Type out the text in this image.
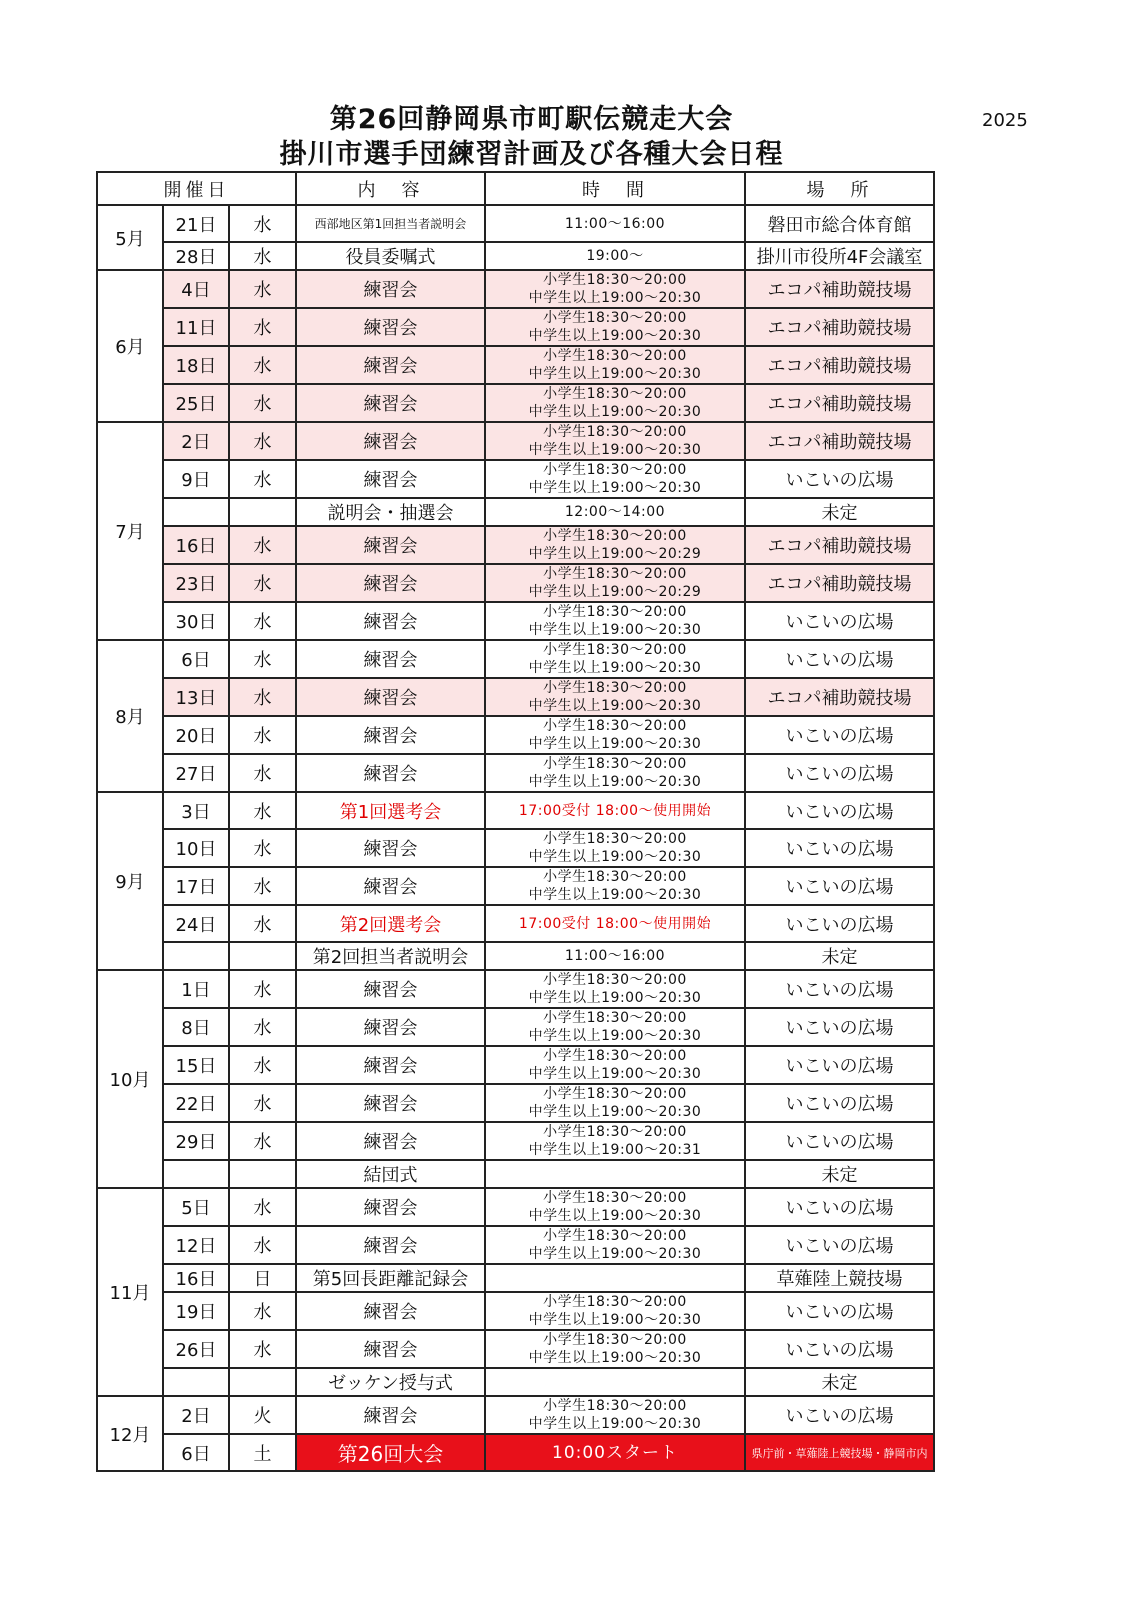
第26回静岡県市町駅伝競走大会
掛川市選手団練習計画及び各種大会日程
2025
開催日			内　容	時　間	場　所
5月	21日	水	西部地区第1回担当者説明会	11:00～16:00	磐田市総合体育館
	28日	水	役員委嘱式	19:00～	掛川市役所4F会議室
6月	4日	水	練習会	小学生18:30～20:00
中学生以上19:00～20:30	エコパ補助競技場
	11日	水	練習会	小学生18:30～20:00
中学生以上19:00～20:30	エコパ補助競技場
	18日	水	練習会	小学生18:30～20:00
中学生以上19:00～20:30	エコパ補助競技場
	25日	水	練習会	小学生18:30～20:00
中学生以上19:00～20:30	エコパ補助競技場
7月	2日	水	練習会	小学生18:30～20:00
中学生以上19:00～20:30	エコパ補助競技場
	9日	水	練習会	小学生18:30～20:00
中学生以上19:00～20:30	いこいの広場
			説明会・抽選会	12:00～14:00	未定
	16日	水	練習会	小学生18:30～20:00
中学生以上19:00～20:29	エコパ補助競技場
	23日	水	練習会	小学生18:30～20:00
中学生以上19:00～20:29	エコパ補助競技場
	30日	水	練習会	小学生18:30～20:00
中学生以上19:00～20:30	いこいの広場
8月	6日	水	練習会	小学生18:30～20:00
中学生以上19:00～20:30	いこいの広場
	13日	水	練習会	小学生18:30～20:00
中学生以上19:00～20:30	エコパ補助競技場
	20日	水	練習会	小学生18:30～20:00
中学生以上19:00～20:30	いこいの広場
	27日	水	練習会	小学生18:30～20:00
中学生以上19:00～20:30	いこいの広場
9月	3日	水	第1回選考会	17:00受付 18:00～使用開始	いこいの広場
	10日	水	練習会	小学生18:30～20:00
中学生以上19:00～20:30	いこいの広場
	17日	水	練習会	小学生18:30～20:00
中学生以上19:00～20:30	いこいの広場
	24日	水	第2回選考会	17:00受付 18:00～使用開始	いこいの広場
			第2回担当者説明会	11:00～16:00	未定
10月	1日	水	練習会	小学生18:30～20:00
中学生以上19:00～20:30	いこいの広場
	8日	水	練習会	小学生18:30～20:00
中学生以上19:00～20:30	いこいの広場
	15日	水	練習会	小学生18:30～20:00
中学生以上19:00～20:30	いこいの広場
	22日	水	練習会	小学生18:30～20:00
中学生以上19:00～20:30	いこいの広場
	29日	水	練習会	小学生18:30～20:00
中学生以上19:00～20:31	いこいの広場
			結団式		未定
11月	5日	水	練習会	小学生18:30～20:00
中学生以上19:00～20:30	いこいの広場
	12日	水	練習会	小学生18:30～20:00
中学生以上19:00～20:30	いこいの広場
	16日	日	第5回長距離記録会		草薙陸上競技場
	19日	水	練習会	小学生18:30～20:00
中学生以上19:00～20:30	いこいの広場
	26日	水	練習会	小学生18:30～20:00
中学生以上19:00～20:30	いこいの広場
			ゼッケン授与式		未定
12月	2日	火	練習会	小学生18:30～20:00
中学生以上19:00～20:30	いこいの広場
	6日	土	第26回大会	10:00スタート	県庁前・草薙陸上競技場・静岡市内
